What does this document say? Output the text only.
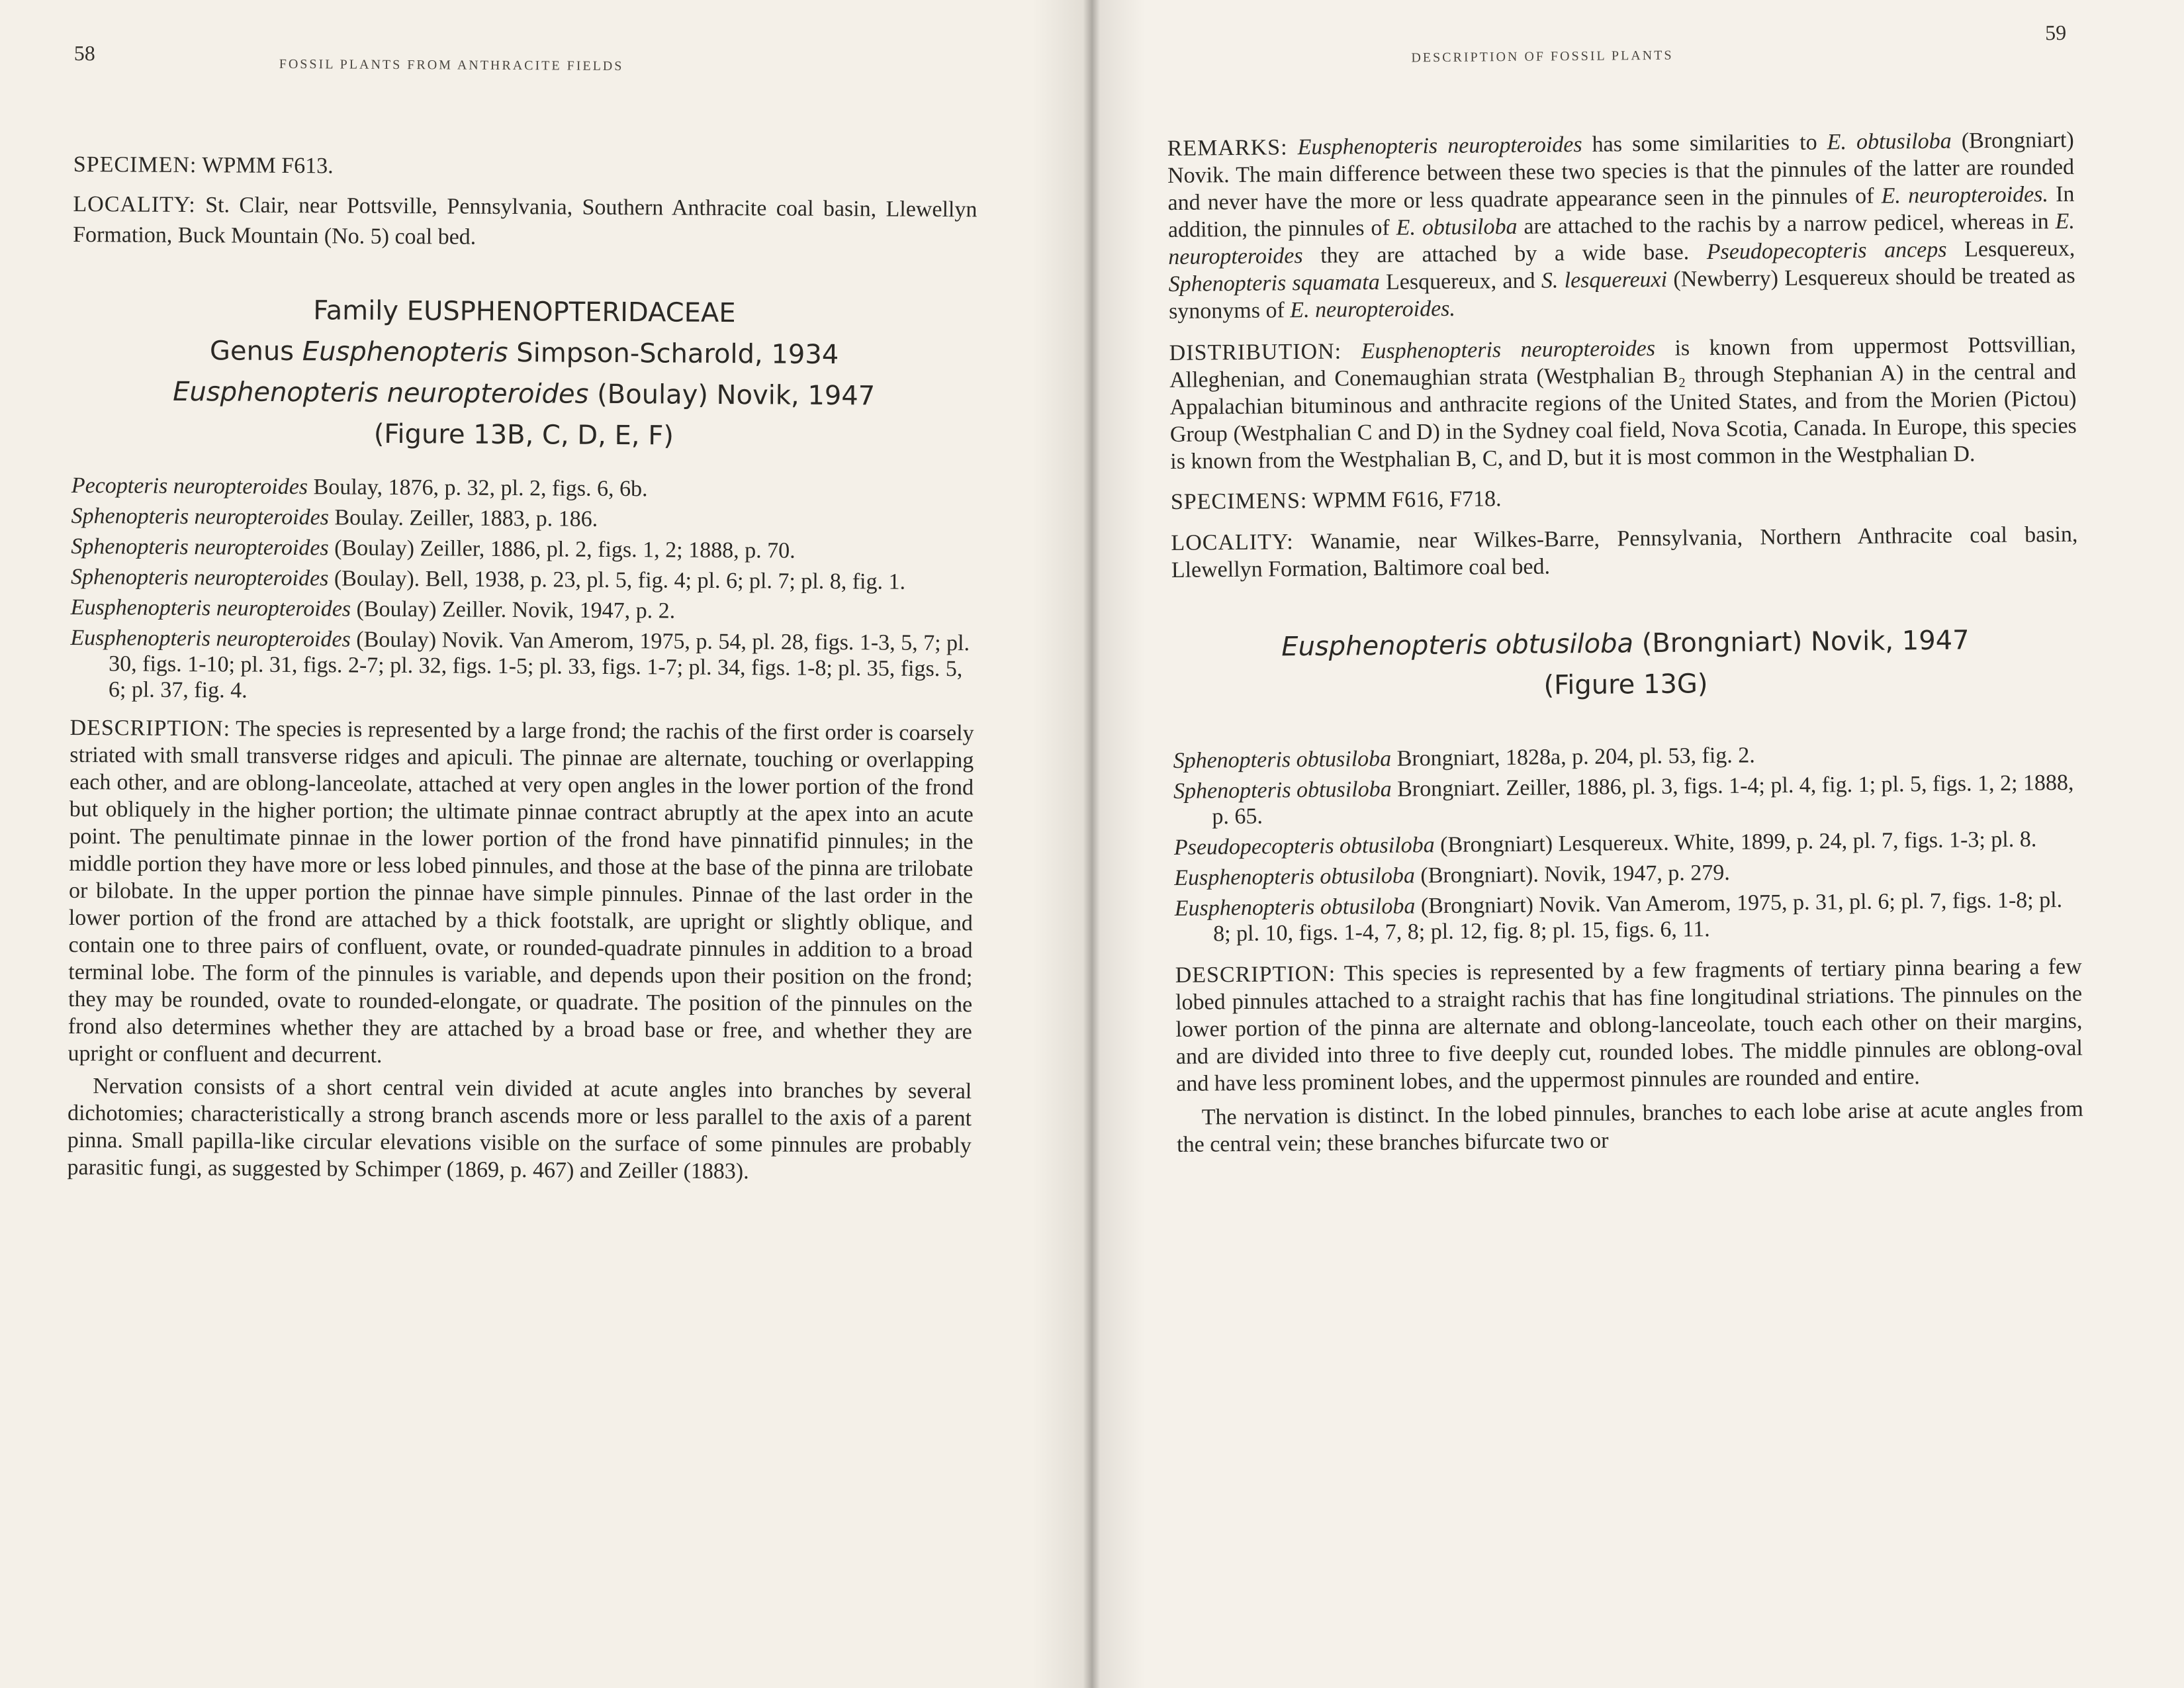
58
FOSSIL PLANTS FROM ANTHRACITE FIELDS

SPECIMEN: WPMM F613.

LOCALITY: St. Clair, near Pottsville, Pennsylvania, Southern Anthracite coal basin, Llewellyn Formation, Buck Mountain (No. 5) coal bed.

Family EUSPHENOPTERIDACEAE
Genus Eusphenopteris Simpson-Scharold, 1934
Eusphenopteris neuropteroides (Boulay) Novik, 1947
(Figure 13B, C, D, E, F)

Pecopteris neuropteroides Boulay, 1876, p. 32, pl. 2, figs. 6, 6b.

Sphenopteris neuropteroides Boulay. Zeiller, 1883, p. 186.

Sphenopteris neuropteroides (Boulay) Zeiller, 1886, pl. 2, figs. 1, 2; 1888, p. 70.

Sphenopteris neuropteroides (Boulay). Bell, 1938, p. 23, pl. 5, fig. 4; pl. 6; pl. 7; pl. 8, fig. 1.

Eusphenopteris neuropteroides (Boulay) Zeiller. Novik, 1947, p. 2.

Eusphenopteris neuropteroides (Boulay) Novik. Van Amerom, 1975, p. 54, pl. 28, figs. 1-3, 5, 7; pl. 30, figs. 1-10; pl. 31, figs. 2-7; pl. 32, figs. 1-5; pl. 33, figs. 1-7; pl. 34, figs. 1-8; pl. 35, figs. 5, 6; pl. 37, fig. 4.

DESCRIPTION: The species is represented by a large frond; the rachis of the first order is coarsely striated with small transverse ridges and apiculi. The pinnae are alternate, touching or overlapping each other, and are oblong-lanceolate, attached at very open angles in the lower portion of the frond but obliquely in the higher portion; the ultimate pinnae contract abruptly at the apex into an acute point. The penultimate pinnae in the lower portion of the frond have pinnatifid pinnules; in the middle portion they have more or less lobed pinnules, and those at the base of the pinna are trilobate or bilobate. In the upper portion the pinnae have simple pinnules. Pinnae of the last order in the lower portion of the frond are attached by a thick footstalk, are upright or slightly oblique, and contain one to three pairs of confluent, ovate, or rounded-quadrate pinnules in addition to a broad terminal lobe. The form of the pinnules is variable, and depends upon their position on the frond; they may be rounded, ovate to rounded-elongate, or quadrate. The position of the pinnules on the frond also determines whether they are attached by a broad base or free, and whether they are upright or confluent and decurrent.

Nervation consists of a short central vein divided at acute angles into branches by several dichotomies; characteristically a strong branch ascends more or less parallel to the axis of a parent pinna. Small papilla-like circular elevations visible on the surface of some pinnules are probably parasitic fungi, as suggested by Schimper (1869, p. 467) and Zeiller (1883).

DESCRIPTION OF FOSSIL PLANTS
59

REMARKS: Eusphenopteris neuropteroides has some similarities to E. obtusiloba (Brongniart) Novik. The main difference between these two species is that the pinnules of the latter are rounded and never have the more or less quadrate appearance seen in the pinnules of E. neuropteroides. In addition, the pinnules of E. obtusiloba are attached to the rachis by a narrow pedicel, whereas in E. neuropteroides they are attached by a wide base. Pseudopecopteris anceps Lesquereux, Sphenopteris squamata Lesquereux, and S. lesquereuxi (Newberry) Lesquereux should be treated as synonyms of E. neuropteroides.

DISTRIBUTION: Eusphenopteris neuropteroides is known from uppermost Pottsvillian, Alleghenian, and Conemaughian strata (Westphalian B₂ through Stephanian A) in the central and Appalachian bituminous and anthracite regions of the United States, and from the Morien (Pictou) Group (Westphalian C and D) in the Sydney coal field, Nova Scotia, Canada. In Europe, this species is known from the Westphalian B, C, and D, but it is most common in the Westphalian D.

SPECIMENS: WPMM F616, F718.

LOCALITY: Wanamie, near Wilkes-Barre, Pennsylvania, Northern Anthracite coal basin, Llewellyn Formation, Baltimore coal bed.

Eusphenopteris obtusiloba (Brongniart) Novik, 1947
(Figure 13G)

Sphenopteris obtusiloba Brongniart, 1828a, p. 204, pl. 53, fig. 2.

Sphenopteris obtusiloba Brongniart. Zeiller, 1886, pl. 3, figs. 1-4; pl. 4, fig. 1; pl. 5, figs. 1, 2; 1888, p. 65.

Pseudopecopteris obtusiloba (Brongniart) Lesquereux. White, 1899, p. 24, pl. 7, figs. 1-3; pl. 8.

Eusphenopteris obtusiloba (Brongniart). Novik, 1947, p. 279.

Eusphenopteris obtusiloba (Brongniart) Novik. Van Amerom, 1975, p. 31, pl. 6; pl. 7, figs. 1-8; pl. 8; pl. 10, figs. 1-4, 7, 8; pl. 12, fig. 8; pl. 15, figs. 6, 11.

DESCRIPTION: This species is represented by a few fragments of tertiary pinna bearing a few lobed pinnules attached to a straight rachis that has fine longitudinal striations. The pinnules on the lower portion of the pinna are alternate and oblong-lanceolate, touch each other on their margins, and are divided into three to five deeply cut, rounded lobes. The middle pinnules are oblong-oval and have less prominent lobes, and the uppermost pinnules are rounded and entire.

The nervation is distinct. In the lobed pinnules, branches to each lobe arise at acute angles from the central vein; these branches bifurcate two or
